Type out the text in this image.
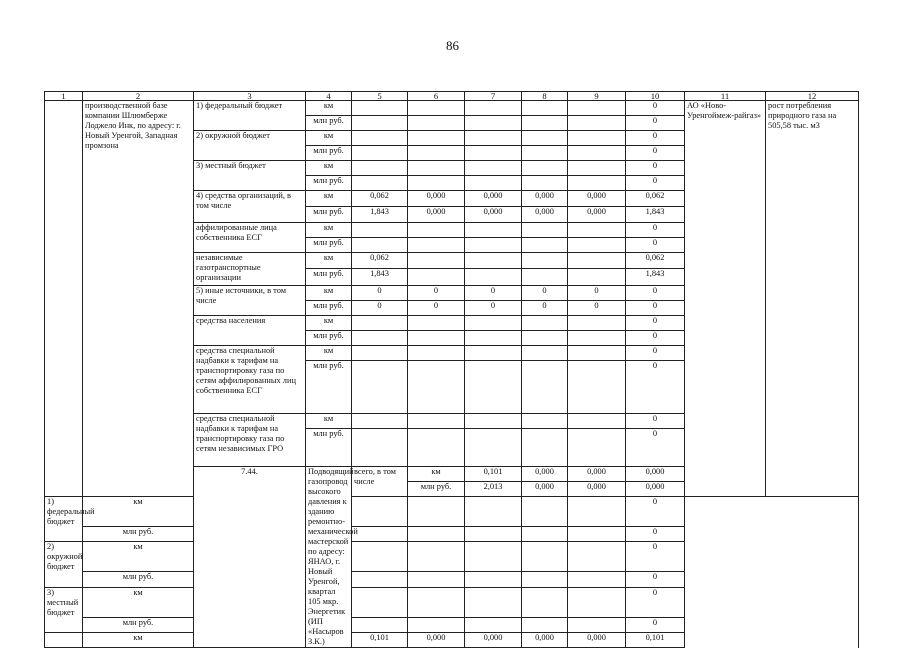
86
1	2	3	4	5	6	7	8	9	10	11	12	
	производственной базе компании Шлюмберже Лоджело Инк, по адресу: г. Новый Уренгой, Западная промзона	1) федеральный бюджет	км						0	АО «Ново-Уренгоймеж-райгаз»	рост потребления природного газа на 505,58 тыс. м3	
			млн руб.						0			
		2) окружной бюджет	км						0			
			млн руб.						0			
		3) местный бюджет	км						0			
			млн руб.						0			
		4) средства организаций, в том числе	км	0,062	0,000	0,000	0,000	0,000	0,062			
			млн руб.	1,843	0,000	0,000	0,000	0,000	1,843			
		аффилированные лица собственника ЕСГ	км						0			
			млн руб.						0			
		независимые газотранспортные организации	км	0,062					0,062			
			млн руб.	1,843					1,843			
		5) иные источники, в том числе	км	0	0	0	0	0	0			
			млн руб.	0	0	0	0	0	0			
		средства населения	км						0			
			млн руб.						0			
		средства специальной надбавки к тарифам на транспортировку газа по сетям аффилированных лиц собственника ЕСГ	км						0			
			млн руб.						0			
		средства специальной надбавки к тарифам на транспортировку газа по сетям независимых ГРО	км						0			
			млн руб.						0			
		7.44.	Подводящий газопровод высокого давления к зданию ремонтно-механической мастерской по адресу: ЯНАО, г. Новый Уренгой, квартал 105 мкр. Энергетик (ИП «Насыров З.К.)	всего, в том числе	км	0,101	0,000	0,000	0,000				
					млн руб.	2,013	0,000	0,000	0,000		
1) федеральный бюджет	км								0			
	млн руб.								0			
2) окружной бюджет	км								0			
	млн руб.								0			
3) местный бюджет	км								0			
	млн руб.								0			
	км			0,101	0,000	0,000	0,000	0,000	0,101			
